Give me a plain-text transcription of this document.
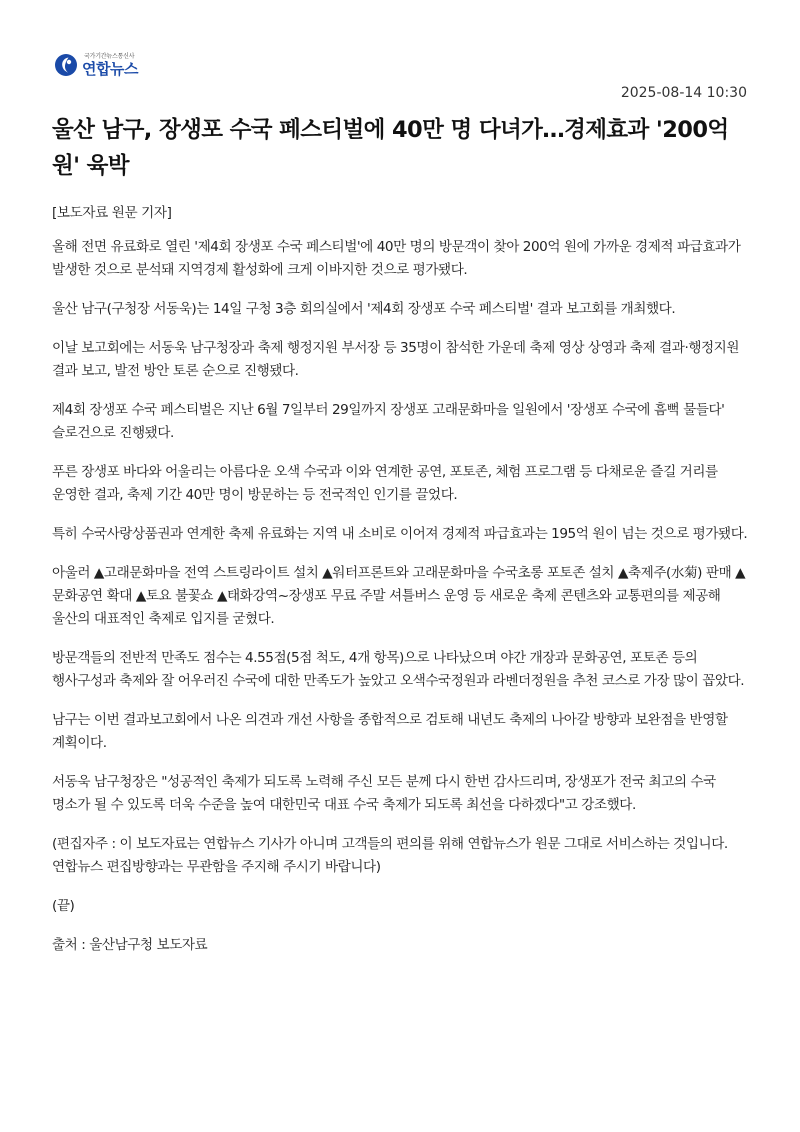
국가기간뉴스통신사
연합뉴스
2025-08-14 10:30
울산 남구, 장생포 수국 페스티벌에 40만 명 다녀가…경제효과 '200억 원' 육박

[보도자료 원문 기자]

올해 전면 유료화로 열린 '제4회 장생포 수국 페스티벌'에 40만 명의 방문객이 찾아 200억 원에 가까운 경제적 파급효과가 발생한 것으로 분석돼 지역경제 활성화에 크게 이바지한 것으로 평가됐다.

울산 남구(구청장 서동욱)는 14일 구청 3층 회의실에서 '제4회 장생포 수국 페스티벌' 결과 보고회를 개최했다.

이날 보고회에는 서동욱 남구청장과 축제 행정지원 부서장 등 35명이 참석한 가운데 축제 영상 상영과 축제 결과·행정지원 결과 보고, 발전 방안 토론 순으로 진행됐다.

제4회 장생포 수국 페스티벌은 지난 6월 7일부터 29일까지 장생포 고래문화마을 일원에서 '장생포 수국에 흠뻑 물들다' 슬로건으로 진행됐다.

푸른 장생포 바다와 어울리는 아름다운 오색 수국과 이와 연계한 공연, 포토존, 체험 프로그램 등 다채로운 즐길 거리를 운영한 결과, 축제 기간 40만 명이 방문하는 등 전국적인 인기를 끌었다.

특히 수국사랑상품권과 연계한 축제 유료화는 지역 내 소비로 이어져 경제적 파급효과는 195억 원이 넘는 것으로 평가됐다.

아울러 ▲고래문화마을 전역 스트링라이트 설치 ▲워터프론트와 고래문화마을 수국초롱 포토존 설치 ▲축제주(水菊) 판매 ▲문화공연 확대 ▲토요 불꽃쇼 ▲태화강역~장생포 무료 주말 셔틀버스 운영 등 새로운 축제 콘텐츠와 교통편의를 제공해 울산의 대표적인 축제로 입지를 굳혔다.

방문객들의 전반적 만족도 점수는 4.55점(5점 척도, 4개 항목)으로 나타났으며 야간 개장과 문화공연, 포토존 등의 행사구성과 축제와 잘 어우러진 수국에 대한 만족도가 높았고 오색수국정원과 라벤더정원을 추천 코스로 가장 많이 꼽았다.

남구는 이번 결과보고회에서 나온 의견과 개선 사항을 종합적으로 검토해 내년도 축제의 나아갈 방향과 보완점을 반영할 계획이다.

서동욱 남구청장은 "성공적인 축제가 되도록 노력해 주신 모든 분께 다시 한번 감사드리며, 장생포가 전국 최고의 수국 명소가 될 수 있도록 더욱 수준을 높여 대한민국 대표 수국 축제가 되도록 최선을 다하겠다"고 강조했다.

(편집자주 : 이 보도자료는 연합뉴스 기사가 아니며 고객들의 편의를 위해 연합뉴스가 원문 그대로 서비스하는 것입니다. 연합뉴스 편집방향과는 무관함을 주지해 주시기 바랍니다)

(끝)

출처 : 울산남구청 보도자료
